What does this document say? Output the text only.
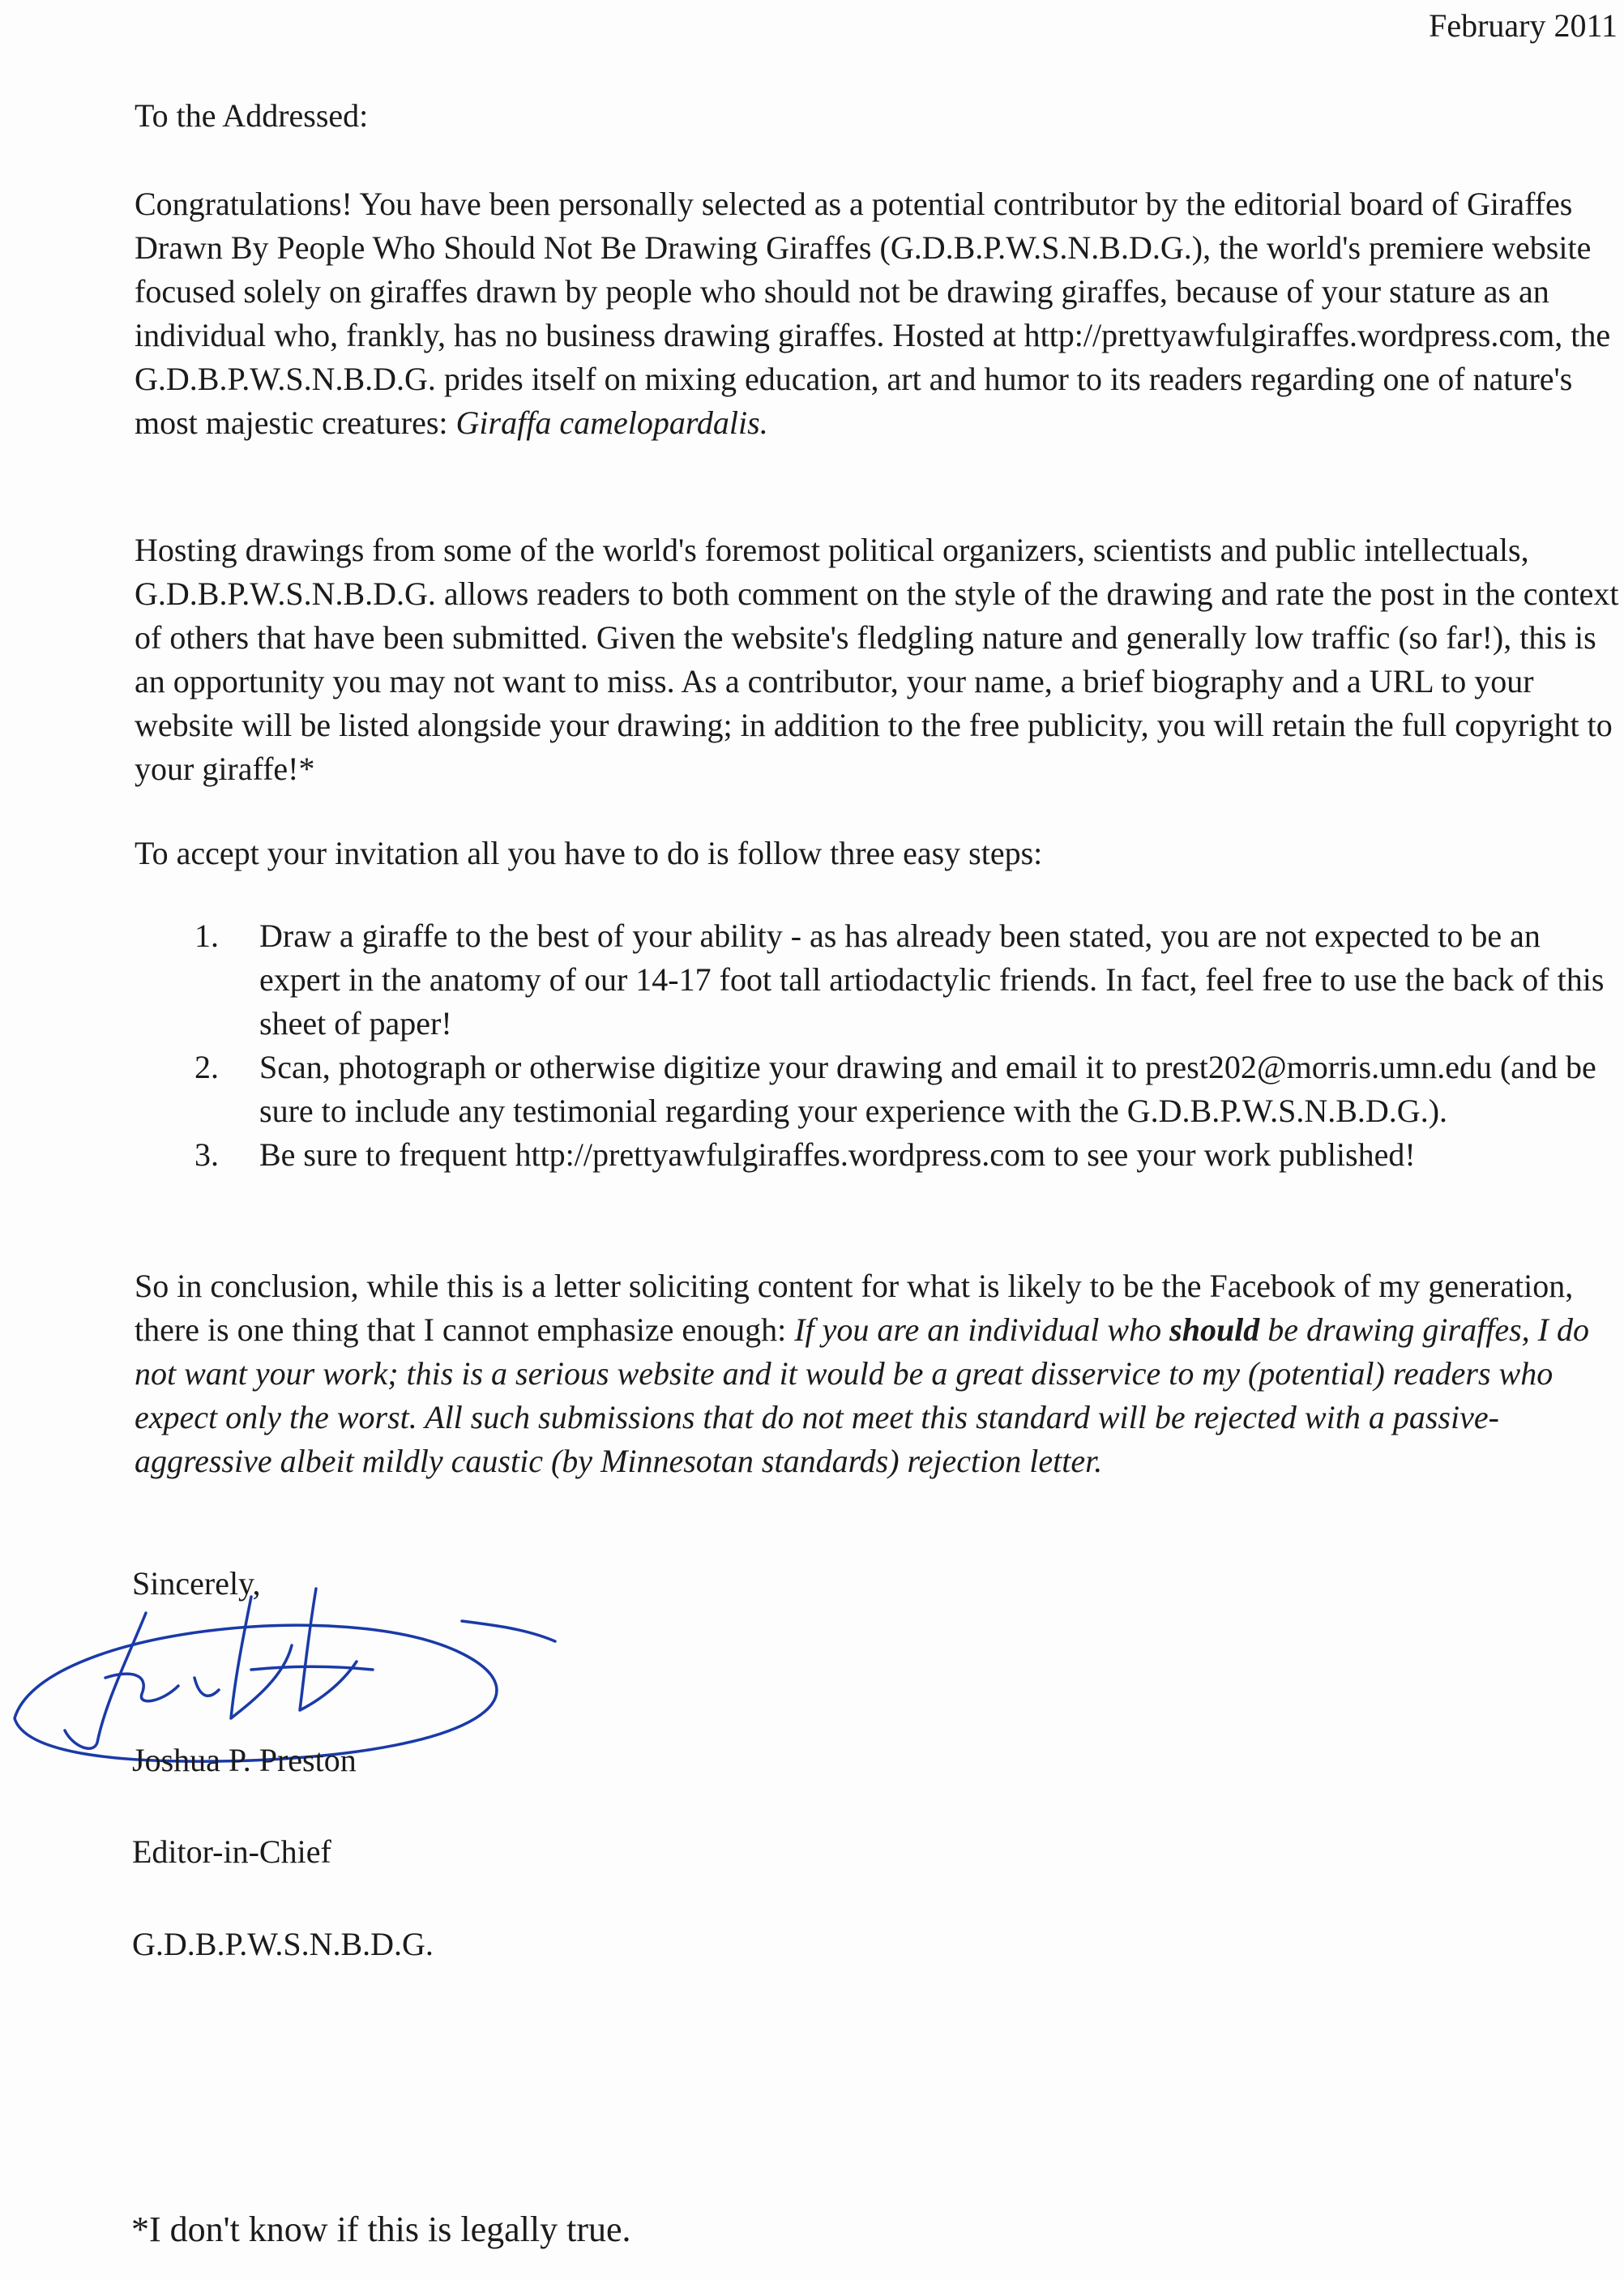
February 2011
To the Addressed:
Congratulations! You have been personally selected as a potential contributor by the editorial board of Giraffes Drawn By People Who Should Not Be Drawing Giraffes (G.D.B.P.W.S.N.B.D.G.), the world's premiere website focused solely on giraffes drawn by people who should not be drawing giraffes, because of your stature as an individual who, frankly, has no business drawing giraffes. Hosted at http://prettyawfulgiraffes.wordpress.com, the G.D.B.P.W.S.N.B.D.G. prides itself on mixing education, art and humor to its readers regarding one of nature's most majestic creatures: Giraffa camelopardalis.
Hosting drawings from some of the world's foremost political organizers, scientists and public intellectuals, G.D.B.P.W.S.N.B.D.G. allows readers to both comment on the style of the drawing and rate the post in the context of others that have been submitted. Given the website's fledgling nature and generally low traffic (so far!), this is an opportunity you may not want to miss. As a contributor, your name, a brief biography and a URL to your website will be listed alongside your drawing; in addition to the free publicity, you will retain the full copyright to your giraffe!*
To accept your invitation all you have to do is follow three easy steps:
1. Draw a giraffe to the best of your ability - as has already been stated, you are not expected to be an expert in the anatomy of our 14-17 foot tall artiodactylic friends. In fact, feel free to use the back of this sheet of paper!
2. Scan, photograph or otherwise digitize your drawing and email it to prest202@morris.umn.edu (and be sure to include any testimonial regarding your experience with the G.D.B.P.W.S.N.B.D.G.).
3. Be sure to frequent http://prettyawfulgiraffes.wordpress.com to see your work published!
So in conclusion, while this is a letter soliciting content for what is likely to be the Facebook of my generation, there is one thing that I cannot emphasize enough: If you are an individual who should be drawing giraffes, I do not want your work; this is a serious website and it would be a great disservice to my (potential) readers who expect only the worst. All such submissions that do not meet this standard will be rejected with a passive-aggressive albeit mildly caustic (by Minnesotan standards) rejection letter.
Sincerely,
Joshua P. Preston
Editor-in-Chief
G.D.B.P.W.S.N.B.D.G.
*I don't know if this is legally true.
